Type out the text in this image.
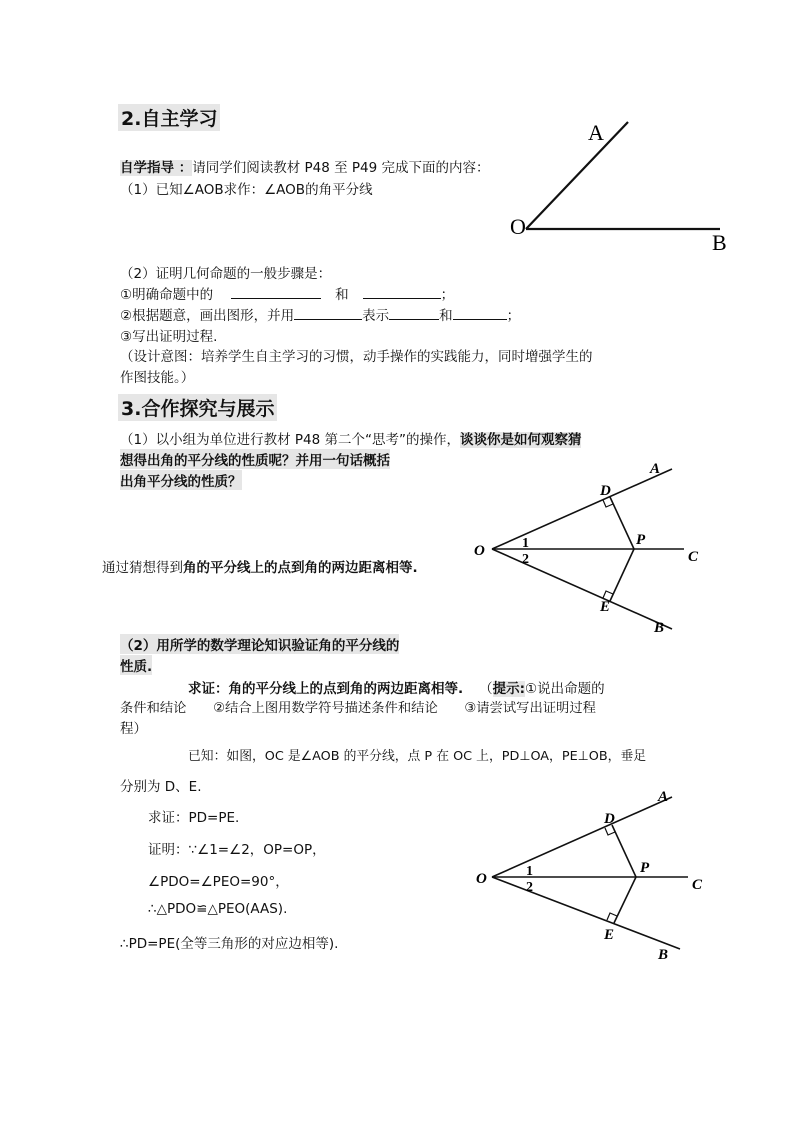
2.自主学习
自学指导 ：请同学们阅读教材 P48 至 P49 完成下面的内容：
（1）已知∠AOB求作：∠AOB的角平分线
A
O
B
（2）证明几何命题的一般步骤是：
①明确命题中的	和	；
②根据题意，画出图形，并用	表示	和	；
③写出证明过程.
（设计意图：培养学生自主学习的习惯，动手操作的实践能力，同时增强学生的
作图技能。）
3.合作探究与展示
（1）以小组为单位进行教材 P48 第二个“思考”的操作，谈谈你是如何观察猜
想得出角的平分线的性质呢？并用一句话概括
出角平分线的性质？
通过猜想得到角的平分线上的点到角的两边距离相等.
A
D
O	1
2
P
C
E
B
（2）用所学的数学理论知识验证角的平分线的
性质.
求证：角的平分线上的点到角的两边距离相等. （提示:①说出命题的
条件和结论　　②结合上图用数学符号描述条件和结论　　③请尝试写出证明过程
程）
已知：如图，OC 是∠AOB 的平分线，点 P 在 OC 上，PD⊥OA，PE⊥OB，垂足
分别为 D、E.
求证：PD=PE.
证明：∵∠1=∠2，OP=OP，
∠PDO=∠PEO=90°，
∴△PDO≌△PEO(AAS).
∴PD=PE(全等三角形的对应边相等).
A
D
O	1
2
P
C
E
B
